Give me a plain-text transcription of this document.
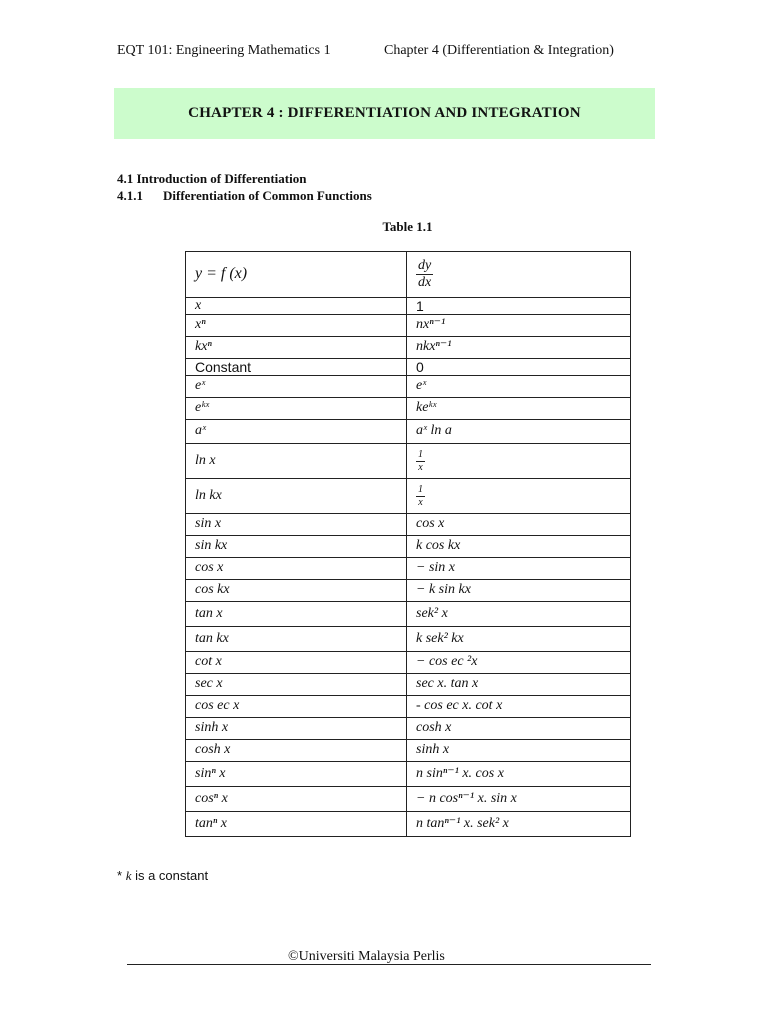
EQT 101: Engineering Mathematics 1	Chapter 4 (Differentiation & Integration)
CHAPTER 4 : DIFFERENTIATION AND INTEGRATION
4.1 Introduction of Differentiation
4.1.1 Differentiation of Common Functions
Table 1.1
y = f (x)	$\frac{dy}{dx}$

x	1
xⁿ	nxⁿ⁻¹
kxⁿ	nkxⁿ⁻¹
Constant	0
eˣ	eˣ
eᵏˣ	keᵏˣ
aˣ	aˣ ln a
ln x	$\frac{1}{x}$

ln kx	$\frac{1}{x}$

sin x	cos x
sin kx	k cos kx
cos x	− sin x
cos kx	− k sin kx
tan x	sek² x
tan kx	k sek² kx
cot x	− cos ec ²x
sec x	sec x. tan x
cos ec x	- cos ec x. cot x
sinh x	cosh x
cosh x	sinh x
sinⁿ x	n sinⁿ⁻¹ x. cos x
cosⁿ x	− n cosⁿ⁻¹ x. sin x
tanⁿ x	n tanⁿ⁻¹ x. sek² x
* k is a constant
©Universiti Malaysia Perlis
